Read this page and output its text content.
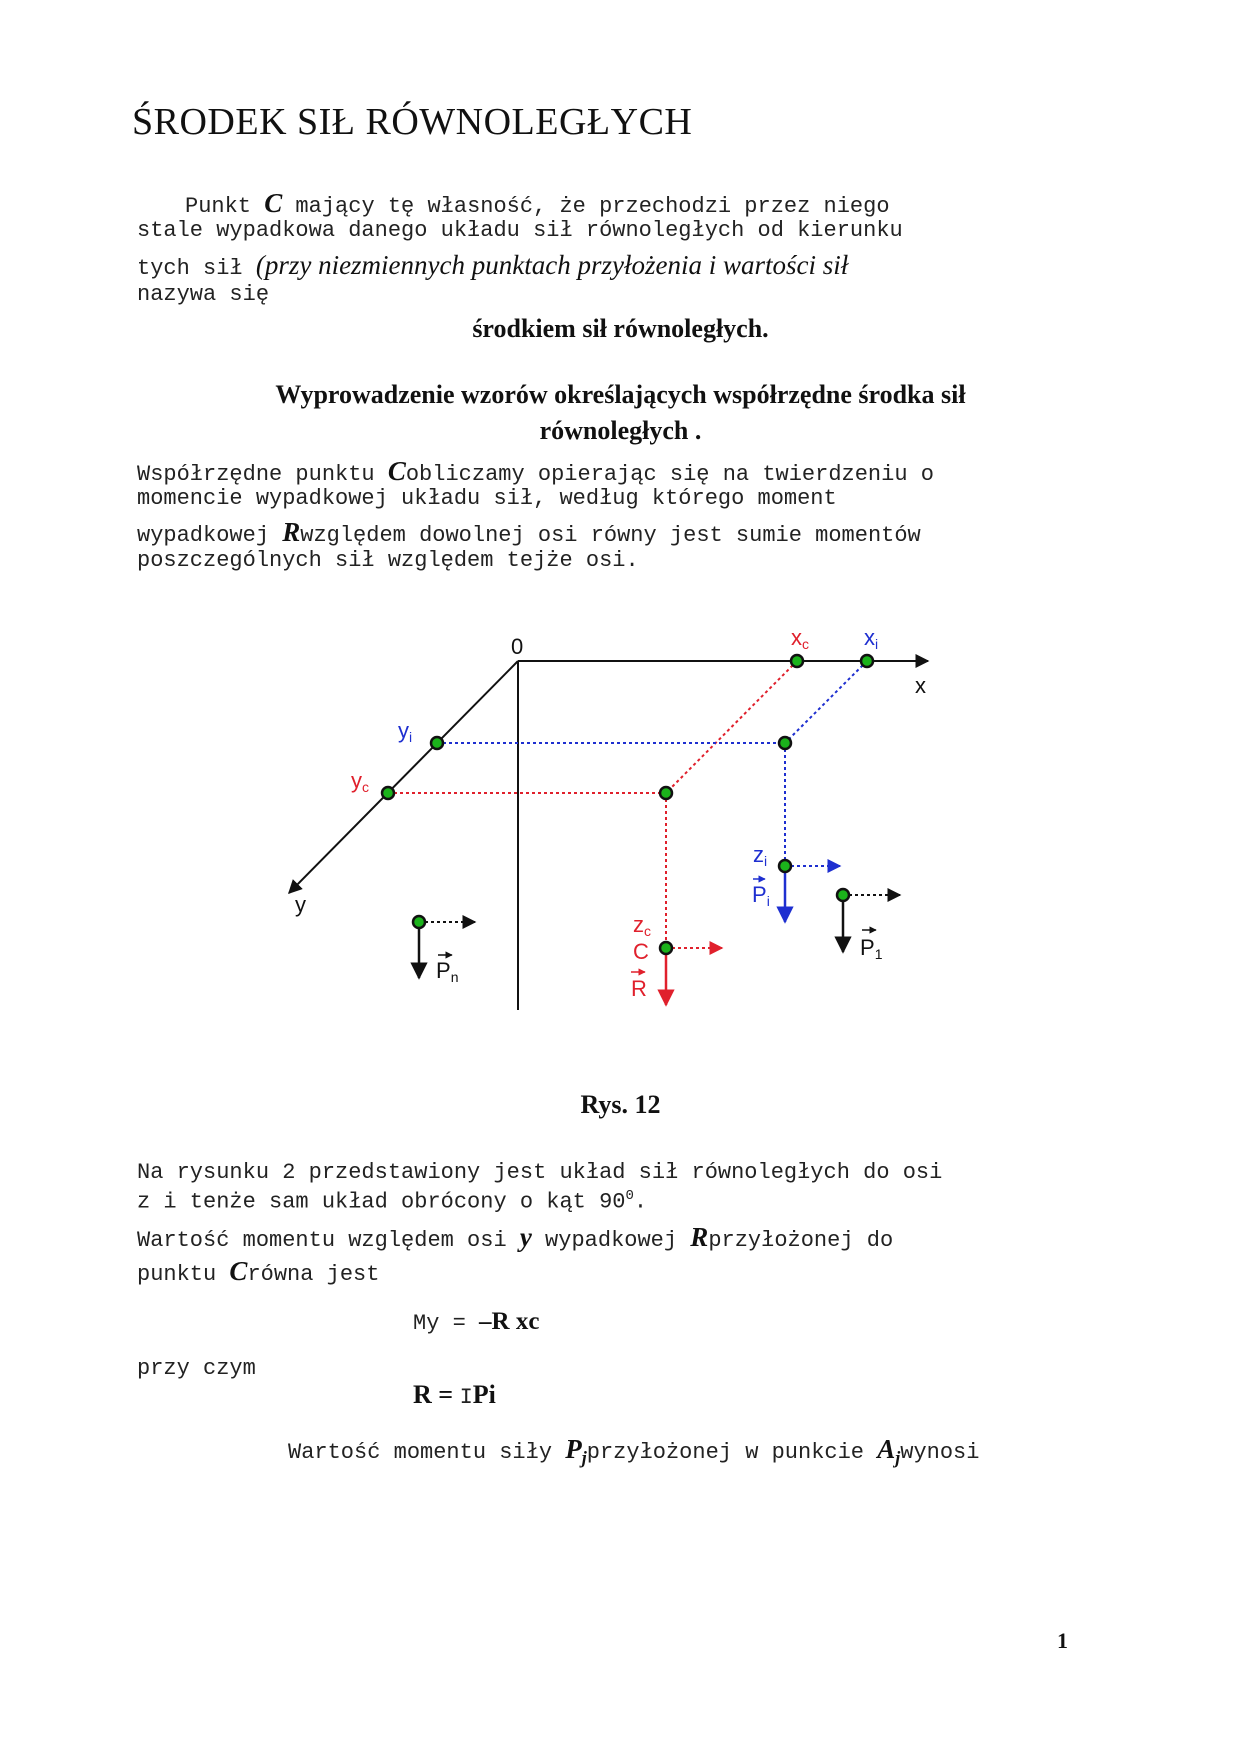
ŚRODEK SIŁ RÓWNOLEGŁYCH
Punkt C mający tę własność, że przechodzi przez niego
stale wypadkowa danego układu sił równoległych od kierunku
tych sił (przy niezmiennych punktach przyłożenia i wartości sił
nazywa się
środkiem sił równoległych.
Wyprowadzenie wzorów określających współrzędne środka sił
równoległych .
Współrzędne punktu Cobliczamy opierając się na twierdzeniu o
momencie wypadkowej układu sił, według którego moment
wypadkowej Rwzględem dowolnej osi równy jest sumie momentów
poszczególnych sił względem tejże osi.
0
x
y
xc	xi
yi
yc
zi
Pi
zc
C
R
P1
Pn
Rys. 12
Na rysunku 2 przedstawiony jest układ sił równoległych do osi
z i tenże sam układ obrócony o kąt $90^0$.
Wartość momentu względem osi y wypadkowej Rprzyłożonej do
punktu Crówna jest
My = –R xc
przy czym
R = IPi
Wartość momentu siły $P_jprzyłożonej$ w punkcie $A_jwynosi$
1
